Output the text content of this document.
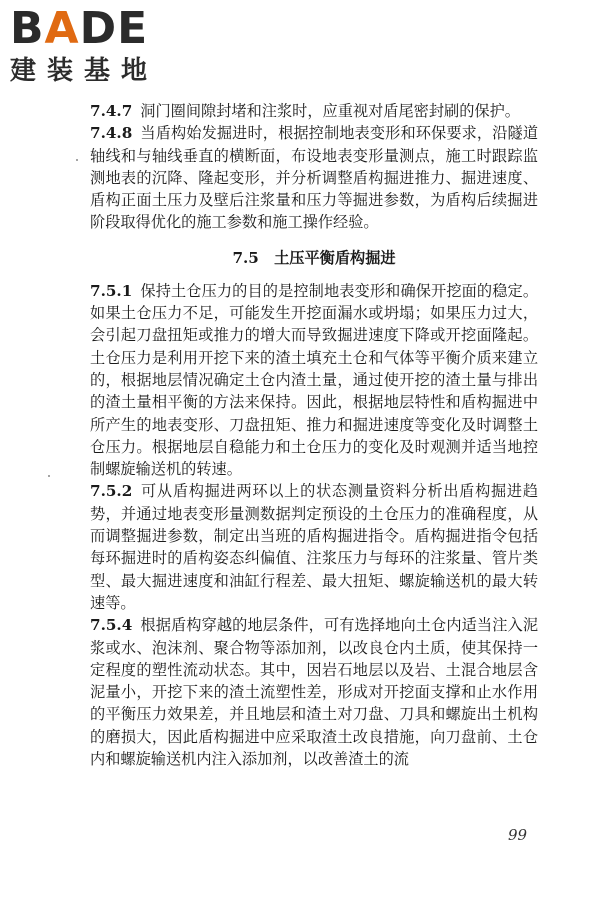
BADE
建装基地

7.4.7 洞门圈间隙封堵和注浆时，应重视对盾尾密封刷的保护。

7.4.8 当盾构始发掘进时，根据控制地表变形和环保要求，沿隧道轴线和与轴线垂直的横断面，布设地表变形量测点，施工时跟踪监测地表的沉降、隆起变形，并分析调整盾构掘进推力、掘进速度、盾构正面土压力及壁后注浆量和压力等掘进参数，为盾构后续掘进阶段取得优化的施工参数和施工操作经验。

7.5　 土压平衡盾构掘进

7.5.1 保持土仓压力的目的是控制地表变形和确保开挖面的稳定。如果土仓压力不足，可能发生开挖面漏水或坍塌；如果压力过大，会引起刀盘扭矩或推力的增大而导致掘进速度下降或开挖面隆起。土仓压力是利用开挖下来的渣土填充土仓和气体等平衡介质来建立的，根据地层情况确定土仓内渣土量，通过使开挖的渣土量与排出的渣土量相平衡的方法来保持。因此，根据地层特性和盾构掘进中所产生的地表变形、刀盘扭矩、推力和掘进速度等变化及时调整土仓压力。根据地层自稳能力和土仓压力的变化及时观测并适当地控制螺旋输送机的转速。

7.5.2 可从盾构掘进两环以上的状态测量资料分析出盾构掘进趋势，并通过地表变形量测数据判定预设的土仓压力的准确程度，从而调整掘进参数，制定出当班的盾构掘进指令。盾构掘进指令包括每环掘进时的盾构姿态纠偏值、注浆压力与每环的注浆量、管片类型、最大掘进速度和油缸行程差、最大扭矩、螺旋输送机的最大转速等。

7.5.4 根据盾构穿越的地层条件，可有选择地向土仓内适当注入泥浆或水、泡沫剂、聚合物等添加剂，以改良仓内土质，使其保持一定程度的塑性流动状态。其中，因岩石地层以及岩、土混合地层含泥量小，开挖下来的渣土流塑性差，形成对开挖面支撑和止水作用的平衡压力效果差，并且地层和渣土对刀盘、刀具和螺旋出土机构的磨损大，因此盾构掘进中应采取渣土改良措施，向刀盘前、土仓内和螺旋输送机内注入添加剂，以改善渣土的流

99
